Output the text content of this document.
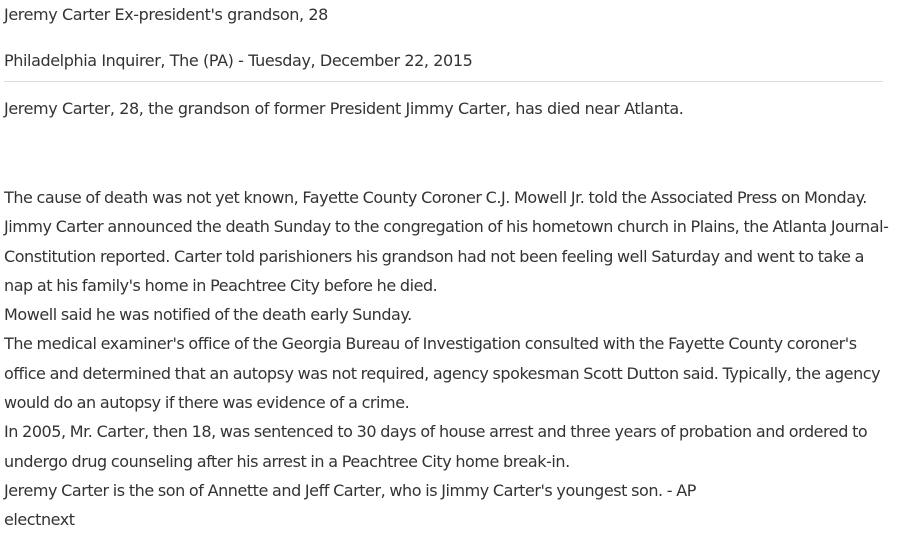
Jeremy Carter Ex-president's grandson, 28
Philadelphia Inquirer, The (PA) - Tuesday, December 22, 2015
Jeremy Carter, 28, the grandson of former President Jimmy Carter, has died near Atlanta.

The cause of death was not yet known, Fayette County Coroner C.J. Mowell Jr. told the Associated Press on Monday.

Jimmy Carter announced the death Sunday to the congregation of his hometown church in Plains, the Atlanta Journal-Constitution reported. Carter told parishioners his grandson had not been feeling well Saturday and went to take a nap at his family's home in Peachtree City before he died.

Mowell said he was notified of the death early Sunday.

The medical examiner's office of the Georgia Bureau of Investigation consulted with the Fayette County coroner's office and determined that an autopsy was not required, agency spokesman Scott Dutton said. Typically, the agency would do an autopsy if there was evidence of a crime.

In 2005, Mr. Carter, then 18, was sentenced to 30 days of house arrest and three years of probation and ordered to undergo drug counseling after his arrest in a Peachtree City home break-in.

Jeremy Carter is the son of Annette and Jeff Carter, who is Jimmy Carter's youngest son. - AP

electnext
